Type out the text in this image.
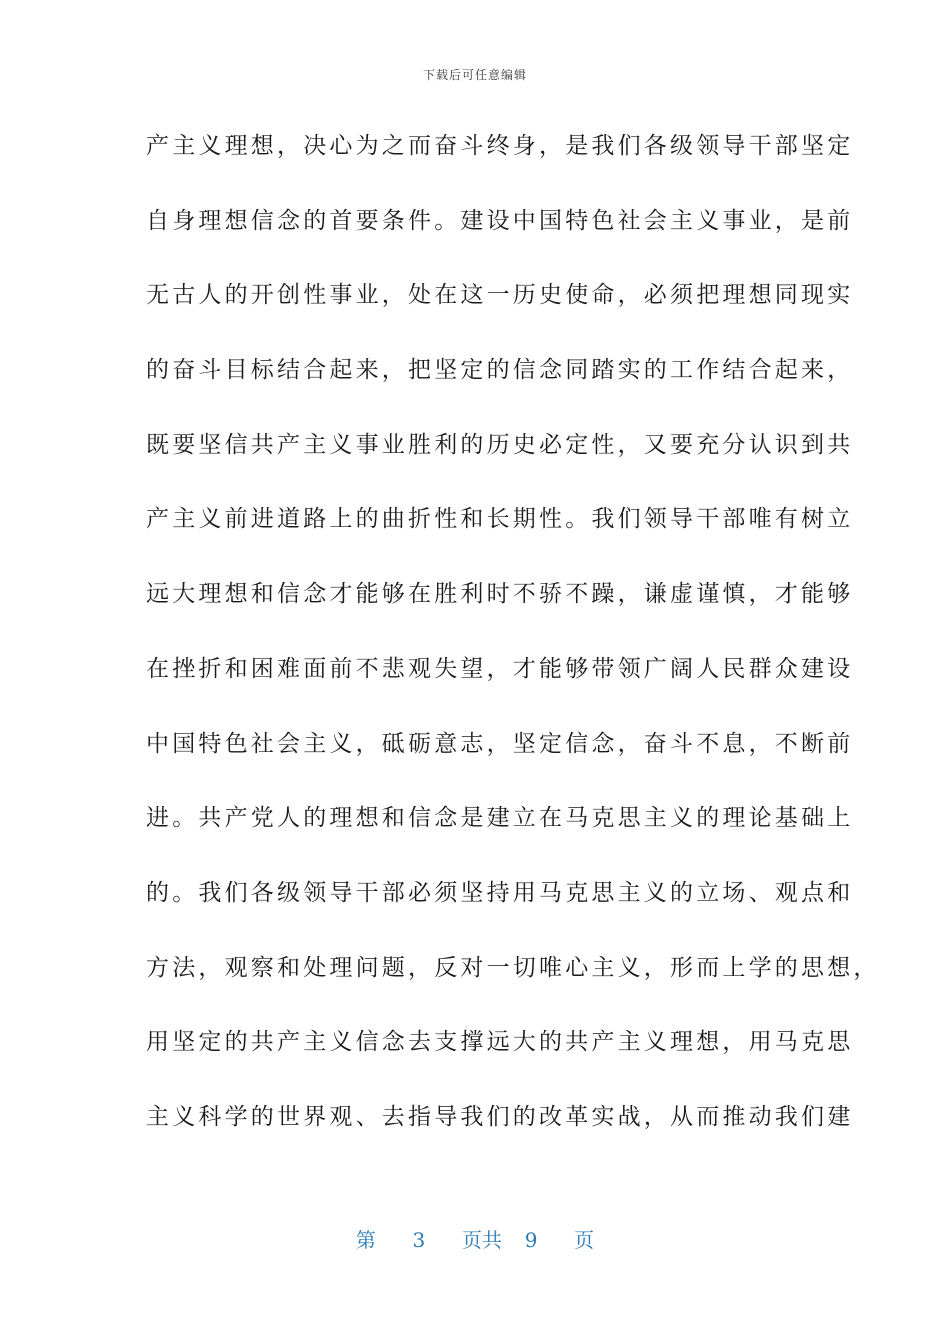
下载后可任意编辑
产主义理想，决心为之而奋斗终身，是我们各级领导干部坚定
自身理想信念的首要条件。建设中国特色社会主义事业，是前
无古人的开创性事业，处在这一历史使命，必须把理想同现实
的奋斗目标结合起来，把坚定的信念同踏实的工作结合起来，
既要坚信共产主义事业胜利的历史必定性，又要充分认识到共
产主义前进道路上的曲折性和长期性。我们领导干部唯有树立
远大理想和信念才能够在胜利时不骄不躁，谦虚谨慎，才能够
在挫折和困难面前不悲观失望，才能够带领广阔人民群众建设
中国特色社会主义，砥砺意志，坚定信念，奋斗不息，不断前
进。共产党人的理想和信念是建立在马克思主义的理论基础上
的。我们各级领导干部必须坚持用马克思主义的立场、观点和
方法，观察和处理问题，反对一切唯心主义，形而上学的思想，
用坚定的共产主义信念去支撑远大的共产主义理想，用马克思
主义科学的世界观、去指导我们的改革实战，从而推动我们建
第 3 页共 9 页
